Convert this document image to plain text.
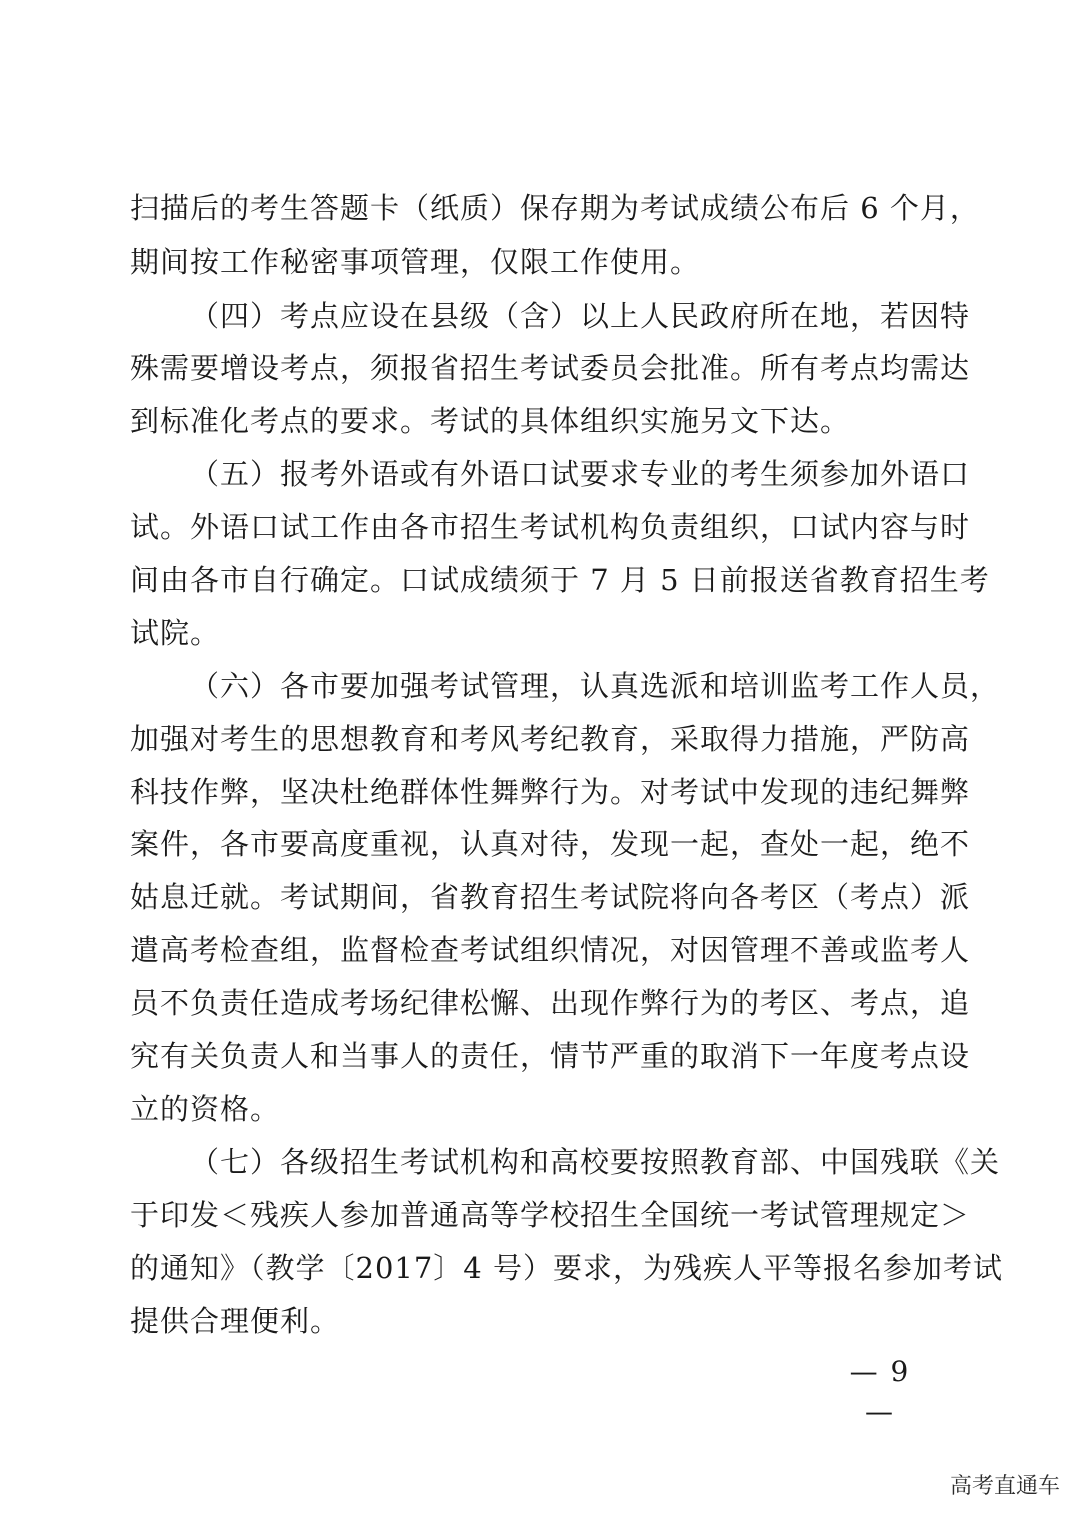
扫描后的考生答题卡（纸质）保存期为考试成绩公布后 6 个月，
期间按工作秘密事项管理，仅限工作使用。
（四）考点应设在县级（含）以上人民政府所在地，若因特
殊需要增设考点，须报省招生考试委员会批准。所有考点均需达
到标准化考点的要求。考试的具体组织实施另文下达。
（五）报考外语或有外语口试要求专业的考生须参加外语口
试。外语口试工作由各市招生考试机构负责组织，口试内容与时
间由各市自行确定。口试成绩须于 7 月 5 日前报送省教育招生考
试院。
（六）各市要加强考试管理，认真选派和培训监考工作人员，
加强对考生的思想教育和考风考纪教育，采取得力措施，严防高
科技作弊，坚决杜绝群体性舞弊行为。对考试中发现的违纪舞弊
案件，各市要高度重视，认真对待，发现一起，查处一起，绝不
姑息迁就。考试期间，省教育招生考试院将向各考区（考点）派
遣高考检查组，监督检查考试组织情况，对因管理不善或监考人
员不负责任造成考场纪律松懈、出现作弊行为的考区、考点，追
究有关负责人和当事人的责任，情节严重的取消下一年度考点设
立的资格。
（七）各级招生考试机构和高校要按照教育部、中国残联《关
于印发＜残疾人参加普通高等学校招生全国统一考试管理规定＞
的通知》（教学〔2017〕4 号）要求，为残疾人平等报名参加考试
提供合理便利。
— 9 —
高考直通车
